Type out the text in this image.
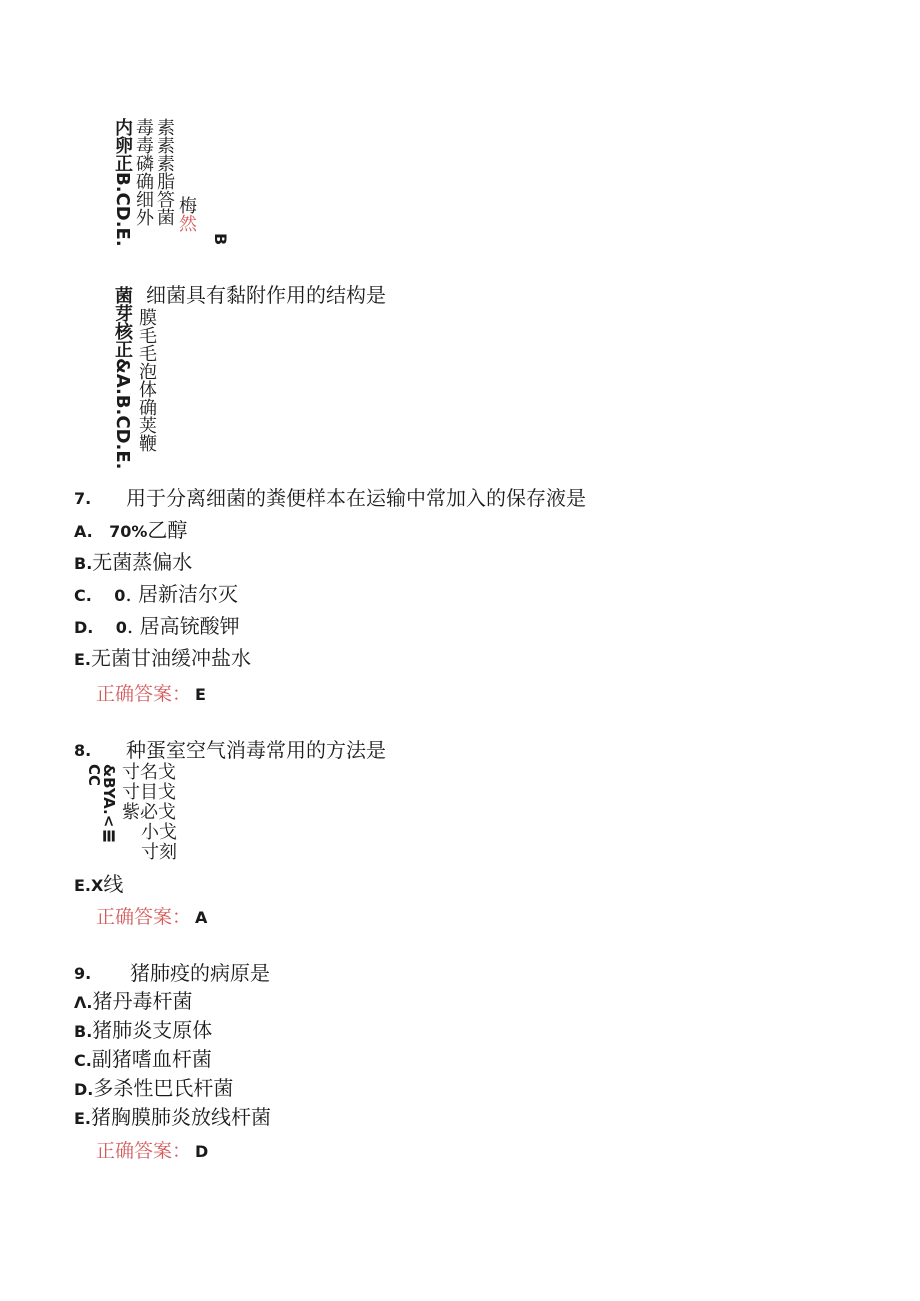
内卵正B.CD.E. 毒毒磷确细外 素素素脂答菌 梅然
B
细菌具有黏附作用的结构是
菌芽核正&A.B.CD.E. 膜毛毛泡体确荚鞭
7. 用于分离细菌的粪便样本在运输中常加入的保存液是
A. 70%乙醇
B.无菌蒸偏水
C. 0. 居新洁尔灭
D. 0. 居高铳酸钾
E.无菌甘油缓冲盐水
正确答案： E
8. 种蛋室空气消毒常用的方法是
&BYA.<Ⅲ
CC 寸名戈
寸目戈
紫必戈
小戈
寸刻
E.X线
正确答案： A
9. 猪肺疫的病原是
Λ.猪丹毒杆菌
B.猪肺炎支原体
C.副猪嗜血杆菌
D.多杀性巴氏杆菌
E.猪胸膜肺炎放线杆菌
正确答案： D
